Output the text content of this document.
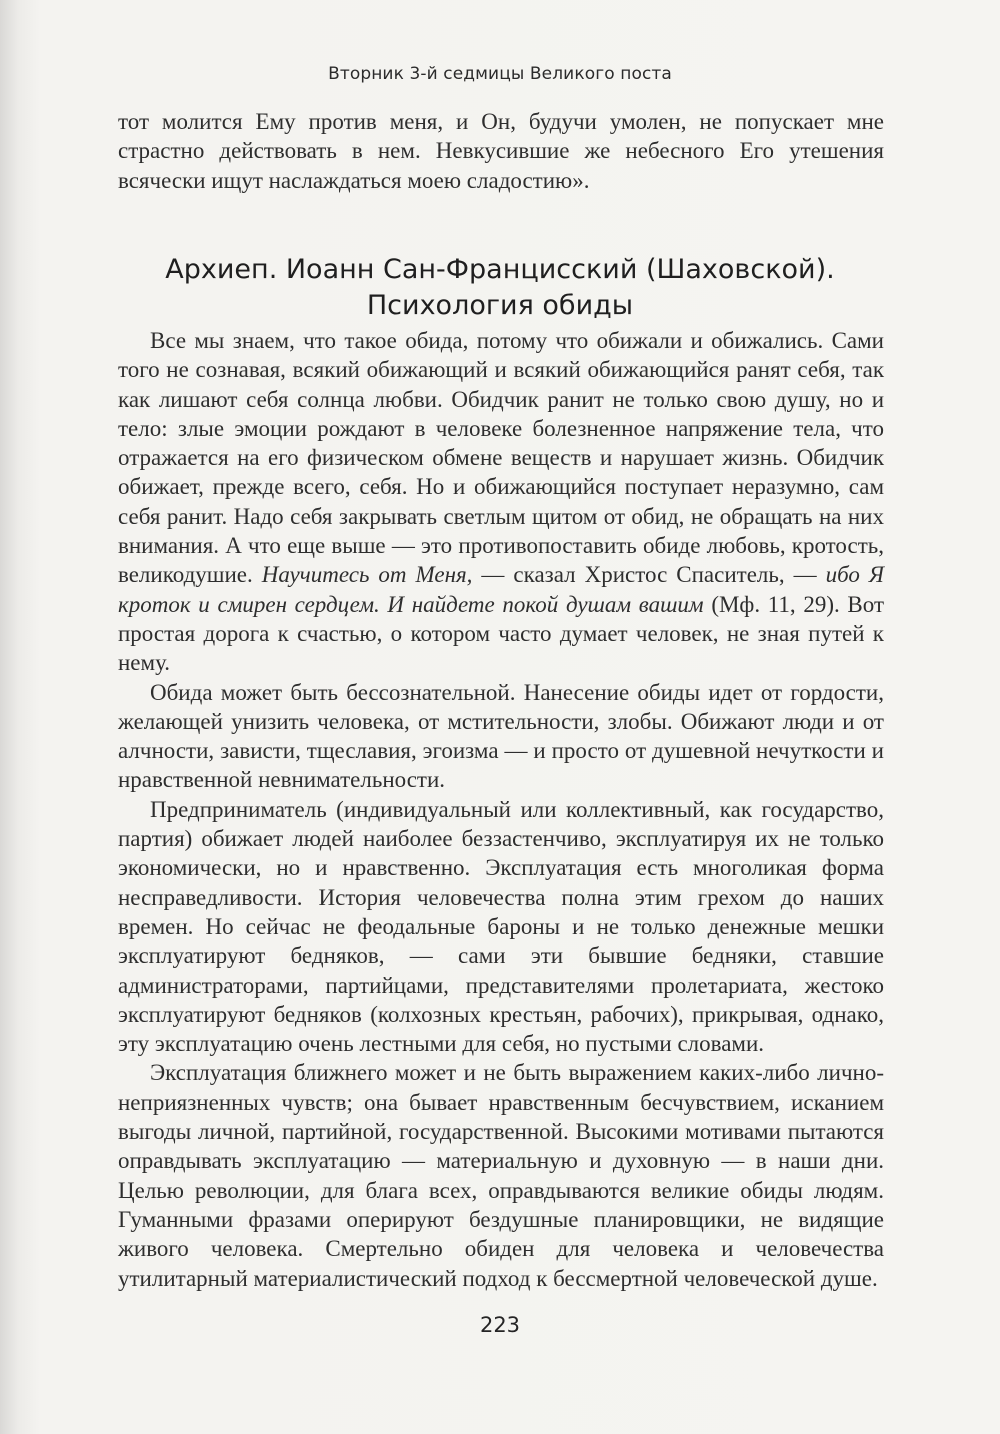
Вторник 3-й седмицы Великого поста

тот молится Ему против меня, и Он, будучи умолен, не попускает мне страстно действовать в нем. Невкусившие же небесного Его утешения всячески ищут наслаждаться моею сладостию».

Архиеп. Иоанн Сан-Францисский (Шаховской).
Психология обиды

Все мы знаем, что такое обида, потому что обижали и обижались. Сами того не сознавая, всякий обижающий и всякий обижающийся ранят себя, так как лишают себя солнца любви. Обидчик ранит не только свою душу, но и тело: злые эмоции рождают в человеке болезненное напряжение тела, что отражается на его физическом обмене веществ и нарушает жизнь. Обидчик обижает, прежде всего, себя. Но и обижающийся поступает неразумно, сам себя ранит. Надо себя закрывать светлым щитом от обид, не обращать на них внимания. А что еще выше — это противопоставить обиде любовь, кротость, великодушие. Научитесь от Меня, — сказал Христос Спаситель, — ибо Я кроток и смирен сердцем. И найдете покой душам вашим (Мф. 11, 29). Вот простая дорога к счастью, о котором часто думает человек, не зная путей к нему.

Обида может быть бессознательной. Нанесение обиды идет от гордости, желающей унизить человека, от мстительности, злобы. Обижают люди и от алчности, зависти, тщеславия, эгоизма — и просто от душевной нечуткости и нравственной невнимательности.

Предприниматель (индивидуальный или коллективный, как государство, партия) обижает людей наиболее беззастенчиво, эксплуатируя их не только экономически, но и нравственно. Эксплуатация есть многоликая форма несправедливости. История человечества полна этим грехом до наших времен. Но сейчас не феодальные бароны и не только денежные мешки эксплуатируют бедняков, — сами эти бывшие бедняки, ставшие администраторами, партийцами, представителями пролетариата, жестоко эксплуатируют бедняков (колхозных крестьян, рабочих), прикрывая, однако, эту эксплуатацию очень лестными для себя, но пустыми словами.

Эксплуатация ближнего может и не быть выражением каких-либо лично-неприязненных чувств; она бывает нравственным бесчувствием, исканием выгоды личной, партийной, государственной. Высокими мотивами пытаются оправдывать эксплуатацию — материальную и духовную — в наши дни. Целью революции, для блага всех, оправдываются великие обиды людям. Гуманными фразами оперируют бездушные планировщики, не видящие живого человека. Смертельно обиден для человека и человечества утилитарный материалистический подход к бессмертной человеческой душе.

223
